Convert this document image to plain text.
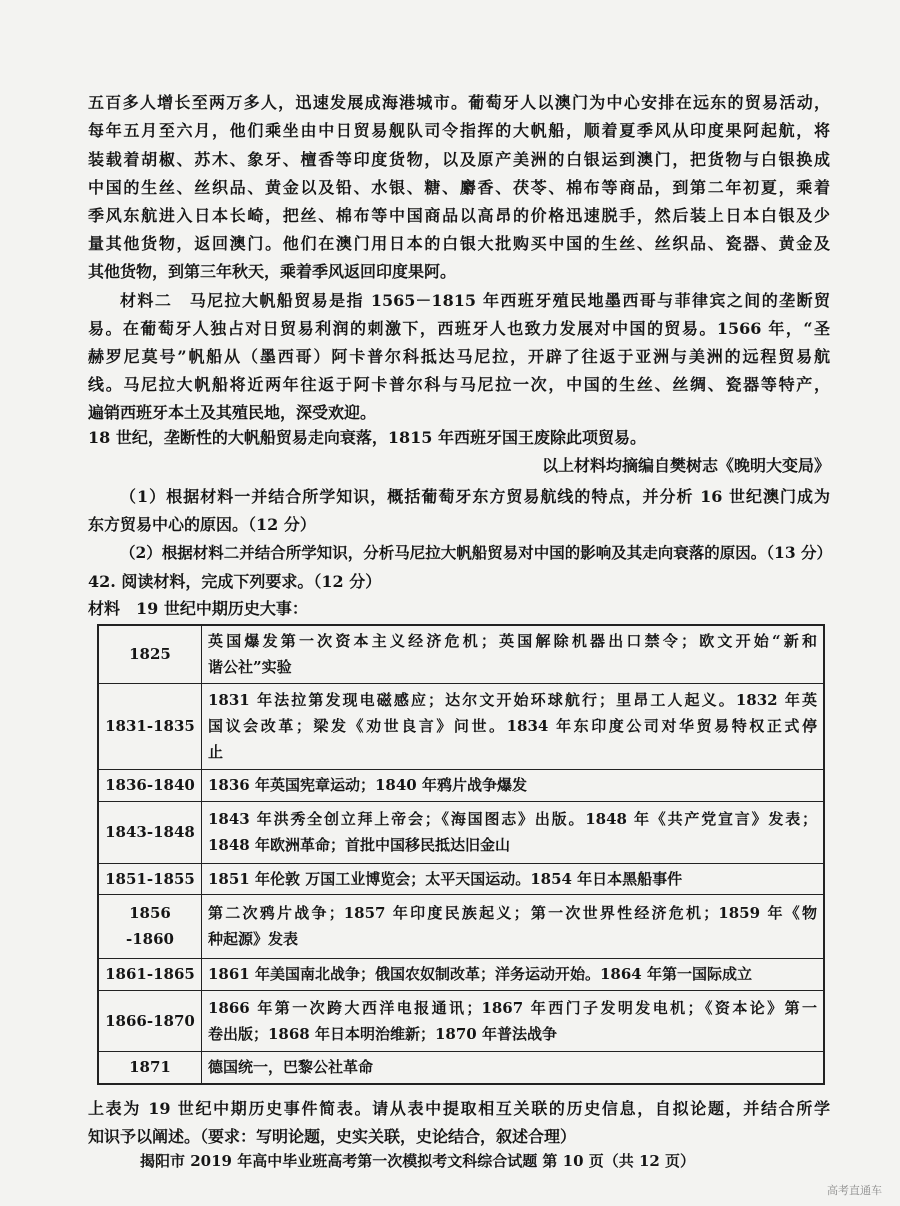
五百多人增长至两万多人，迅速发展成海港城市。葡萄牙人以澳门为中心安排在远东的贸易活动，
每年五月至六月，他们乘坐由中日贸易舰队司令指挥的大帆船，顺着夏季风从印度果阿起航，将
装载着胡椒、苏木、象牙、檀香等印度货物，以及原产美洲的白银运到澳门，把货物与白银换成
中国的生丝、丝织品、黄金以及铅、水银、糖、麝香、茯苓、棉布等商品，到第二年初夏，乘着
季风东航进入日本长崎，把丝、棉布等中国商品以高昂的价格迅速脱手，然后装上日本白银及少
量其他货物，返回澳门。他们在澳门用日本的白银大批购买中国的生丝、丝织品、瓷器、黄金及
其他货物，到第三年秋天，乘着季风返回印度果阿。
材料二　马尼拉大帆船贸易是指 1565－1815 年西班牙殖民地墨西哥与菲律宾之间的垄断贸
易。在葡萄牙人独占对日贸易利润的刺激下，西班牙人也致力发展对中国的贸易。1566 年，“圣
赫罗尼莫号”帆船从（墨西哥）阿卡普尔科抵达马尼拉，开辟了往返于亚洲与美洲的远程贸易航
线。马尼拉大帆船将近两年往返于阿卡普尔科与马尼拉一次，中国的生丝、丝绸、瓷器等特产，
遍销西班牙本土及其殖民地，深受欢迎。
18 世纪，垄断性的大帆船贸易走向衰落，1815 年西班牙国王废除此项贸易。
以上材料均摘编自樊树志《晚明大变局》
（1）根据材料一并结合所学知识，概括葡萄牙东方贸易航线的特点，并分析 16 世纪澳门成为
东方贸易中心的原因。（12 分）
（2）根据材料二并结合所学知识，分析马尼拉大帆船贸易对中国的影响及其走向衰落的原因。（13 分）
42. 阅读材料，完成下列要求。（12 分）
材料　19 世纪中期历史大事：
1825	英国爆发第一次资本主义经济危机；英国解除机器出口禁令；欧文开始“新和
谐公社”实验

1831-1835	1831 年法拉第发现电磁感应；达尔文开始环球航行；里昂工人起义。1832 年英
国议会改革；梁发《劝世良言》问世。1834 年东印度公司对华贸易特权正式停
止

1836-1840	1836 年英国宪章运动；1840 年鸦片战争爆发

1843-1848	1843 年洪秀全创立拜上帝会；《海国图志》出版。1848 年《共产党宣言》发表；
1848 年欧洲革命；首批中国移民抵达旧金山

1851-1855	1851 年伦敦 万国工业博览会；太平天国运动。1854 年日本黑船事件

1856 -1860	第二次鸦片战争；1857 年印度民族起义；第一次世界性经济危机；1859 年《物
种起源》发表

1861-1865	1861 年美国南北战争；俄国农奴制改革；洋务运动开始。1864 年第一国际成立

1866-1870	1866 年第一次跨大西洋电报通讯；1867 年西门子发明发电机；《资本论》第一
卷出版；1868 年日本明治维新；1870 年普法战争

1871	德国统一，巴黎公社革命
上表为 19 世纪中期历史事件简表。请从表中提取相互关联的历史信息，自拟论题，并结合所学
知识予以阐述。（要求：写明论题，史实关联，史论结合，叙述合理）
揭阳市 2019 年高中毕业班高考第一次模拟考文科综合试题 第 10 页（共 12 页）
高考直通车
